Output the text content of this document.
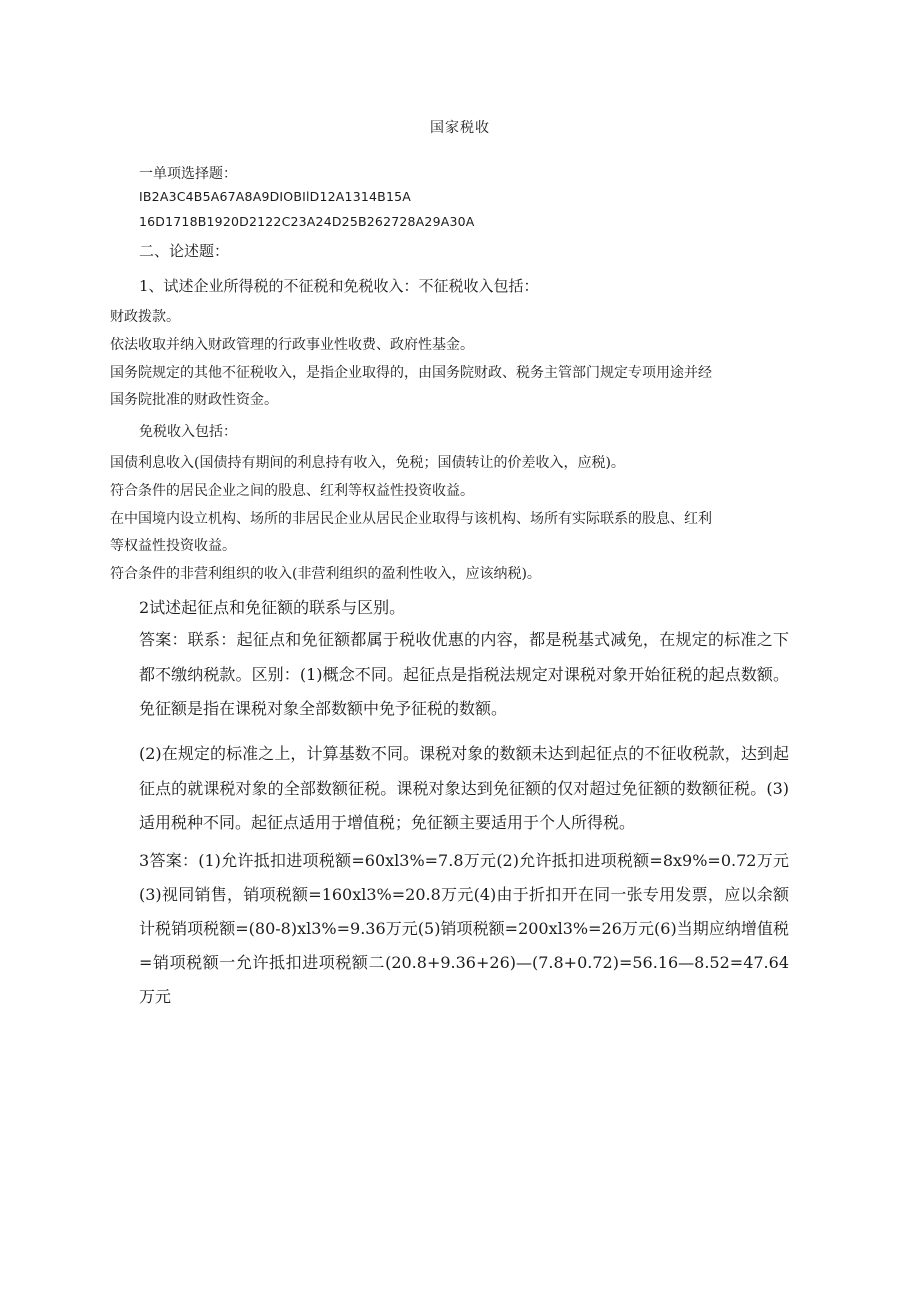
国家税收
一单项选择题：
IB2A3C4B5A67A8A9DIOBIlD12A1314B15A
16D1718B1920D2122C23A24D25B262728A29A30A
二、论述题：
1、试述企业所得税的不征税和免税收入：不征税收入包括：
财政拨款。
依法收取并纳入财政管理的行政事业性收费、政府性基金。
国务院规定的其他不征税收入，是指企业取得的，由国务院财政、税务主管部门规定专项用途并经
国务院批准的财政性资金。
免税收入包括：
国债利息收入(国债持有期间的利息持有收入，免税；国债转让的价差收入，应税)。
符合条件的居民企业之间的股息、红利等权益性投资收益。
在中国境内设立机构、场所的非居民企业从居民企业取得与该机构、场所有实际联系的股息、红利
等权益性投资收益。
符合条件的非营利组织的收入(非营利组织的盈利性收入，应该纳税)。
2试述起征点和免征额的联系与区别。
答案：联系：起征点和免征额都属于税收优惠的内容，都是税基式减免，在规定的标准之下都不缴纳税款。区别：(1)概念不同。起征点是指税法规定对课税对象开始征税的起点数额。免征额是指在课税对象全部数额中免予征税的数额。
(2)在规定的标准之上，计算基数不同。课税对象的数额未达到起征点的不征收税款，达到起征点的就课税对象的全部数额征税。课税对象达到免征额的仅对超过免征额的数额征税。(3)适用税种不同。起征点适用于增值税；免征额主要适用于个人所得税。
3答案：(1)允许抵扣进项税额=60xl3%=7.8万元(2)允许抵扣进项税额=8x9%=0.72万元(3)视同销售，销项税额=160xl3%=20.8万元(4)由于折扣开在同一张专用发票，应以余额计税销项税额=(80-8)xl3%=9.36万元(5)销项税额=200xl3%=26万元(6)当期应纳增值税=销项税额一允许抵扣进项税额二(20.8+9.36+26)—(7.8+0.72)=56.16—8.52=47.64万元
